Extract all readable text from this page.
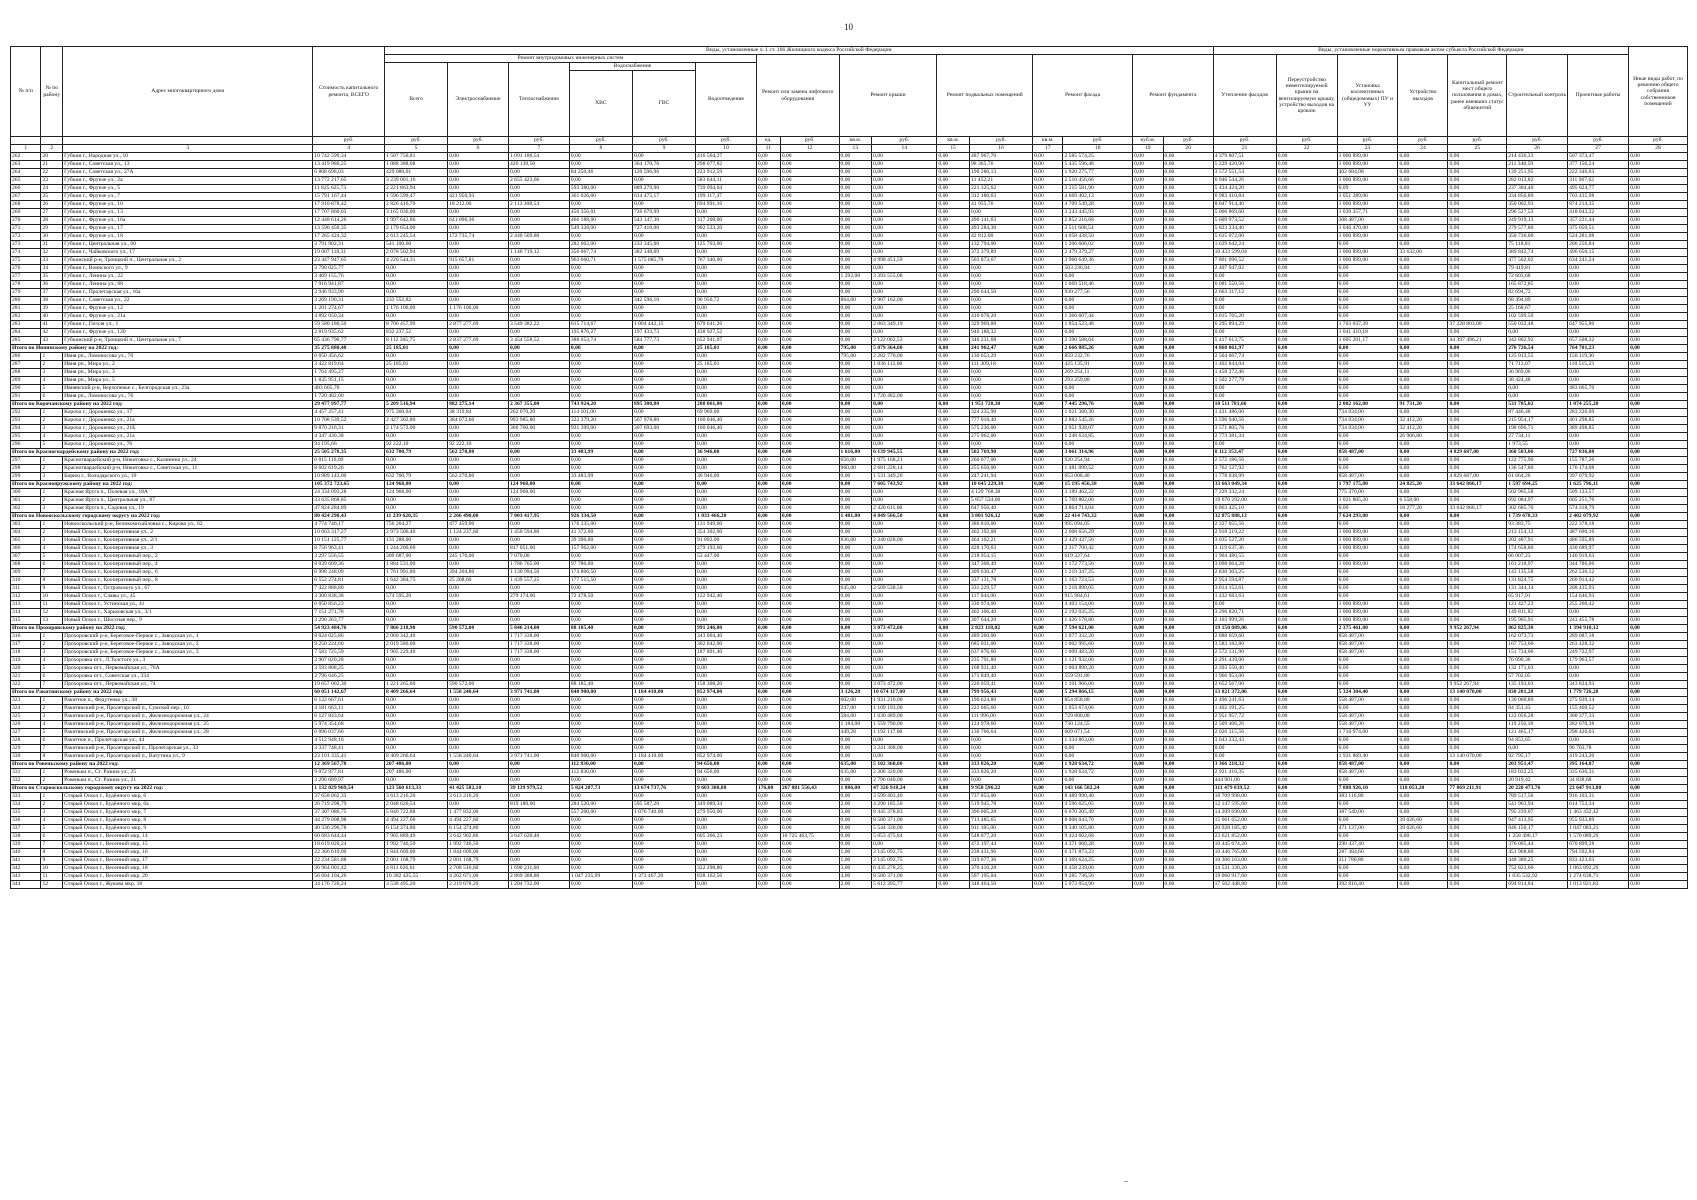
10
№ п/п	№ по району	Адрес многоквартирного дома	Стоимость капитального ремонта, ВСЕГО	Виды, установленные ч. 1 ст. 166 Жилищного кодекса Российской Федерации																Виды, установленные нормативным правовым актом субъекта Российской Федерации							Иные виды работ, по решению общего собрания собственников помещений
				Ремонт внутридомовых инженерных систем						Ремонт или замена лифтового оборудования		Ремонт крыши		Ремонт подвальных помещений		Ремонт фасада		Ремонт фундамента		Утепление фасадов	Переустройство невентилируемой крыши на вентилируемую крышу, устройство выходов на кровлю	Установка коллективных (общедомовых) ПУ и УУ	Устройство выходов	Капитальный ремонт мест общего пользования в домах, ранее имевших статус общежитий	Строительный контроль	Проектные работы	
				Всего	Электроснабжение	Теплоснабжение	Водоснабжение		Водоотведение																		
							ХВС	ГВС																			
			руб.	руб.	руб.	руб.	руб.	руб.	руб.	ед.	руб.	кв.м.	руб.	кв.м.	руб.	кв.м.	руб.	куб.м.	руб.	руб.	руб.	руб.	руб.	руб.	руб.	руб.	руб.
1	2	3	4	5	6	7	8	9	10	11	12	13	14	15	16	17	18	19	20	21	22	23	24	25	26	27	28
262	20	Губкин г., Народная ул., 10	10 742 599,34	1 507 750,81	0,00	1 091 186,54	0,00	0,00	416 564,27	0,00	0,00	0,00	0,00	0,00	487 967,70	0,00	2 585 574,25	0,00	0,00	4 379 807,51	0,00	1 060 899,00	0,00	0,00	214 436,33	507 373,47	0,00
263	21	Губкин г., Советская ул., 13	13 419 986,25	1 088 388,08	0,00	426 139,50	0,00	364 170,76	298 077,82	0,00	0,00	0,00	0,00	0,00	98 365,76	0,00	5 435 596,48	0,00	0,00	5 229 420,00	0,00	1 060 899,00	0,00	0,00	211 348,59	377 156,24	0,00
264	22	Губкин г., Советская ул., 27А	6 868 698,03	429 080,01	0,00	0,00	84 250,46	120 596,96	223 912,59	0,00	0,00	0,00	0,00	0,00	190 280,13	0,00	1 920 275,77	0,00	0,00	3 572 551,54	0,00	402 684,08	0,00	0,00	139 251,95	222 346,63	0,00
265	23	Губкин г., Фрунзе ул., 2а	13 772 217,65	3 239 001,16	0,00	2 655 423,66	0,00	0,00	583 644,11	0,00	0,00	0,00	0,00	0,00	11 452,21	0,00	2 510 456,66	0,00	0,00	6 946 544,26	0,00	1 060 899,00	0,00	0,00	282 013,82	311 967,62	0,00
266	24	Губкин г., Фрунзе ул., 5	11 825 625,73	2 221 863,94	0,00	0,00	593 380,00	889 279,90	739 094,04	0,00	0,00	0,00	0,00	0,00	221 325,62	0,00	3 215 581,90	0,00	0,00	5 434 424,20	0,00	0,09	0,00	0,00	237 304,40	495 024,77	0,00
267	25	Губкин г., Фрунзе ул., 7	15 791 167,44	1 596 599,47	421 950,93	0,00	361 026,00	614 475,17	199 117,47	0,00	0,00	0,00	0,00	0,00	312 180,63	0,00	4 669 402,13	0,00	0,00	6 983 410,84	0,00	1 051 289,06	0,00	0,00	334 856,89	703 435,98	0,00
268	26	Губкин г., Фрунзе ул., 10	17 910 878,42	2 826 416,70	18 212,00	2 113 308,54	0,00	0,00	694 991,16	0,00	0,00	0,00	0,00	0,00	41 955,76	0,00	4 709 549,28	0,00	0,00	8 047 914,40	0,00	1 060 899,00	0,00	0,00	350 002,93	874 214,35	0,00
269	27	Губкин г., Фрунзе ул., 13	17 707 860,03	3 165 036,00	0,00	0,00	456 356,01	726 679,99	0,00	0,00	0,00	0,00	0,00	0,00	0,00	0,00	3 243 445,93	0,00	0,00	5 006 869,60	0,00	1 039 357,71	0,00	0,00	296 527,53	418 043,22	0,00
270	28	Губкин г., Фрунзе ул., 16а	12 448 614,26	1 997 642,86	641 096,36	0,00	466 188,00	543 147,30	317 208,00	0,00	0,00	0,00	0,00	0,00	490 141,63	0,00	2 852 216,68	0,00	0,00	5 609 973,52	0,00	308 487,00	0,00	0,00	249 919,13	357 231,44	0,00
271	29	Губкин г., Фрунзе ул., 17	13 590 450,35	2 179 654,00	0,00	0,00	549 328,00	727 410,00	902 533,20	0,00	0,00	0,00	0,00	0,00	493 284,30	0,00	3 511 608,54	0,00	0,00	5 823 234,40	0,00	1 046 470,00	0,00	0,00	279 577,80	375 050,51	0,00
272	30	Губкин г., Фрунзе ул., 18	17 265 424,32	2 613 245,54	172 735,74	2 440 509,80	0,00	0,00	0,00	0,00	0,00	0,00	0,00	0,00	42 812,00	0,00	4 058 438,50	0,00	0,00	5 615 072,00	0,00	1 060 899,00	0,00	0,00	350 736,00	524 281,08	0,00
273	31	Губкин г., Центральная ул., 60	3 791 902,31	541 100,60	0,00	0,00	282 602,00	233 345,00	125 703,00	0,00	0,00	0,00	0,00	0,00	132 794,00	0,00	1 206 606,02	0,00	0,00	1 629 642,24	0,00	0,00	0,00	0,00	75 118,01	206 256,84	0,00
274	32	Губкин г., Чайковского ул., 17	19 007 118,31	2 078 502,94	0,00	1 140 719,12	356 067,74	382 148,09	0,00	0,00	0,00	0,00	0,00	0,00	372 379,89	0,00	2 479 379,27	0,00	0,00	10 433 599,04	0,00	1 060 899,00	33 632,00	0,00	389 842,74	496 650,15	0,00
275	33	Губкинский р-н, Троицкий п., Центральная ул., 2	23 447 947,65	4 220 544,31	915 657,81	0,00	963 660,71	1 575 085,79	767 340,00	0,00	0,00	0,00	4 998 451,59	0,00	503 873,67	0,00	3 960 649,36	0,00	0,00	7 801 096,52	0,00	1 060 899,00	0,00	0,00	477 502,02	634 241,24	0,00
276	34	Губкин г., Воинского ул., 9	3 790 025,77	0,00	0,00	0,00	0,00	0,00	0,00	0,00	0,00	0,00	0,00	0,00	0,00	0,00	503 236,94	0,00	0,00	2 407 947,02	0,00	0,00	0,00	0,00	79 419,81	0,00	0,00
277	35	Губкин г., Ленина ул., 22	3 469 155,76	0,00	0,00	0,00	0,00	0,00	0,00	0,00	0,00	1 292,00	3 393 555,08	0,00	0,00	0,00	0,00	0,00	0,00	0,00	0,00	0,00	0,00	0,00	72 603,68	0,00	0,00
278	36	Губкин г., Ленина ул., 68	7 916 941,87	0,00	0,00	0,00	0,00	0,00	0,00	0,00	0,00	0,00	0,00	0,00	0,00	0,00	1 669 518,46	0,00	0,00	6 081 550,56	0,00	0,00	0,00	0,00	165 872,85	0,00	0,00
279	37	Губкин г., Пролетарская ул., 16а	3 946 933,90	0,00	0,00	0,00	0,00	0,00	0,00	0,00	0,00	0,00	0,00	0,00	290 644,50	0,00	930 277,56	0,00	0,00	2 663 317,12	0,00	0,00	0,00	0,00	82 694,72	0,00	0,00
280	38	Губкин г., Советская ул., 22	3 269 190,31	233 552,82	0,00	0,00	0,00	342 596,10	90 956,72	0,00	0,00	864,00	2 907 162,00	0,00	0,00	0,00	0,00	0,00	0,00	0,00	0,00	0,00	0,00	0,00	68 494,89	0,00	0,00
281	39	Губкин г., Фрунзе ул., 12	1 201 274,67	1 176 106,00	1 176 106,00	0,00	0,00	0,00	0,00	0,00	0,00	0,00	0,00	0,00	0,00	0,00	0,00	0,00	0,00	0,00	0,00	0,00	0,00	0,00	25 168,67	0,00	0,00
282	40	Губкин г., Фрунзе ул., 21а	4 892 050,34	0,00	0,00	0,00	0,00	0,00	0,00	0,00	0,00	0,00	0,00	0,00	410 078,20	0,00	1 366 607,44	0,00	0,00	3 015 765,20	0,00	0,00	0,00	0,00	102 599,50	0,00	0,00
283	41	Губкин г., Гоголя ул., 1	59 580 180,50	8 706 457,99	2 877 277,69	3 549 382,22	615 714,67	1 004 442,15	679 641,26	0,00	0,00	0,00	2 063 349,19	0,00	329 969,88	0,00	1 854 523,48	0,00	0,00	6 295 894,29	0,00	1 703 037,39	0,00	37 228 803,00	550 032,48	647 955,80	0,00
284	42	Губкин г., Фрунзе ул., 120	2 819 935,62	832 237,52	0,00	0,00	195 876,27	197 433,73	438 927,52	0,00	0,00	0,00	0,00	0,00	946 188,32	0,00	0,00	0,00	0,00	0,00	0,00	1 041 410,18	0,00	0,00	0,00	0,00	0,00
285	43	Губкинский р-н, Троицкий п., Центральная ул., 7	65 436 790,77	8 112 305,75	2 837 277,69	3 454 558,52	388 053,74	584 777,73	652 941,07	0,00	0,00	0,00	2 122 062,53	0,00	340 231,68	0,00	2 390 588,64	0,00	0,00	5 417 613,75	0,00	1 605 201,17	0,00	44 397 496,21	342 802,92	657 508,32	0,00
Итого по Ивнянскому району на 2022 год:			35 275 880,48	25 185,01	0,00	0,00	0,00	0,00	25 185,01	0,00	0,00	795,00	5 079 364,00	0,00	241 962,47	0,00	2 666 885,26	0,00	0,00	4 868 061,97	0,00	0,00	0,00	0,00	276 726,54	764 701,23	0,00
286	1	Ивня рп., Ломоносова ул., 70	6 050 456,62	0,00	0,00	0,00	0,00	0,00	0,00	0,00	0,00	795,00	2 282 770,00	0,00	130 653,29	0,00	859 232,76	0,00	0,00	2 504 667,74	0,00	0,00	0,00	0,00	125 013,55	150 119,30	0,00
287	2	Ивня рп., Мира ул., 2	3 422 819,64	25 185,01	0,00	0,00	0,00	0,00	25 185,01	0,00	0,00	0,00	1 036 112,00	0,00	111 309,18	0,00	425 135,91	0,00	0,00	1 402 844,04	0,00	0,00	0,00	0,00	71 713,07	110 515,23	0,00
288	3	Ивня рп., Мира ул., 3	1 764 495,27	0,00	0,00	0,00	0,00	0,00	0,00	0,00	0,00	0,00	0,00	0,00	0,00	0,00	269 254,11	0,00	0,00	1 458 272,46	0,00	0,00	0,00	0,00	36 969,06	0,00	0,00
289	4	Ивня рп., Мира ул., 5	1 835 951,15	0,00	0,00	0,00	0,00	0,00	0,00	0,00	0,00	0,00	0,00	0,00	0,00	0,00	293 259,88	0,00	0,00	1 502 277,79	0,00	0,00	0,00	0,00	38 424,48	0,00	0,00
290	5	Ивнянский р-н, Верхопенье с., Белгородская ул., 23а	483 665,70	0,00	0,00	0,00	0,00	0,00	0,00	0,00	0,00	0,00	0,00	0,00	0,00	0,00	0,00	0,00	0,00	0,00	0,00	0,00	0,00	0,00	0,00	483 665,70	0,00
291	6	Ивня рп., Ломоносова ул., 76	1 720 482,00	0,00	0,00	0,00	0,00	0,00	0,00	0,00	0,00	0,00	1 720 482,00	0,00	0,00	0,00	0,00	0,00	0,00	0,00	0,00	0,00	0,00	0,00	0,00	0,00	0,00
Итого по Корочанскому району на 2022 год:			29 477 997,77	5 209 516,94	882 275,14	2 367 355,00	743 924,20	895 300,80	280 061,80	0,00	0,00	0,00	0,00	0,00	1 951 728,30	0,00	7 445 296,76	0,00	0,00	10 511 781,66	0,00	2 002 162,00	91 731,20	0,00	531 785,02	1 074 255,20	0,00
292	1	Короча г., Дорошенко ул., 17	4 457 257,41	975 360,04	38 319,84	262 070,20	114 101,00	0,00	69 969,00	0,00	0,00	0,00	0,00	0,00	324 235,90	0,00	1 021 380,30	0,00	0,00	1 431 486,00	0,00	734 034,00	0,00	0,00	87 446,48	283 226,69	0,00
293	2	Короча г., Дорошенко ул., 21а	10 708 539,52	2 427 362,80	384 072,60	993 985,80	322 379,20	567 978,80	160 046,40	0,00	0,00	0,00	0,00	0,00	777 018,40	0,00	2 883 545,26	0,00	0,00	3 596 940,56	0,00	734 034,00	32 412,20	0,00	215 954,17	401 298,85	0,00
294	3	Короча г., Дорошенко ул., 21Б	9 870 216,31	2 174 572,00	0,00	366 760,00	931 399,00	307 693,00	160 046,40	0,00	0,00	0,00	0,00	0,00	575 236,00	0,00	2 951 938,07	0,00	0,00	3 571 805,78	0,00	734 034,00	32 412,20	0,00	198 696,71	389 498,85	0,00
295	4	Короча г., Дорошенко ул., 21а	4 347 430,38	0,00	0,00	0,00	0,00	0,00	0,00	0,00	0,00	0,00	0,00	0,00	275 062,00	0,00	1 248 634,85	0,00	0,00	2 773 381,34	0,00	0,00	26 906,80	0,00	27 734,11	0,00	0,00
296	5	Короча г., Дорошенко ул., 76	94 195,66	92 222,10	92 222,10	0,00	0,00	0,00	0,00	0,00	0,00	0,00	0,00	0,00	0,00	0,00	0,00	0,00	0,00	0,00	0,00	0,00	0,00	0,00	1 973,55	0,00	0,00
Итого по Красногвардейскому району на 2022 год:			25 505 278,35	632 700,79	562 270,80	0,00	33 483,99	0,00	36 946,00	0,00	0,00	1 616,00	6 139 945,55	0,00	502 769,90	0,00	3 061 314,96	0,00	0,00	8 112 353,47	0,00	858 487,00	0,00	4 829 687,00	360 503,06	727 836,08	0,00
297	1	Красногвардейский р-н, Никитовка с., Калинина ул., 24	6 015 116,09	0,00	0,00	0,00	0,00	0,00	0,00	0,00	0,00	656,00	1 975 168,21	0,00	260 077,00	0,00	920 254,94	0,00	0,00	2 572 186,56	0,00	0,00	0,00	0,00	122 775,90	155 787,26	0,00
298	2	Красногвардейский р-н, Никитовка с., Советская ул., 11	8 602 619,26	0,00	0,00	0,00	0,00	0,00	0,00	0,00	0,00	960,00	2 681 228,14	0,00	255 650,00	0,00	1 481 090,52	0,00	0,00	3 762 127,92	0,00	0,00	0,00	0,00	136 547,80	176 174,08	0,00
299	3	Бирюч г., Володарского ул., 10	10 989 143,00	632 700,79	562 270,80	0,00	33 483,99	0,00	36 946,00	0,00	0,00	0,00	1 531 349,20	0,00	247 241,94	0,00	653 008,40	0,00	0,00	1 778 038,99	0,00	858 487,00	0,00	4 829 687,00	61 664,26	397 079,92	0,00
Итого по Краснояружскому району на 2022 год:			105 372 723,65	124 968,00	0,00	124 968,00	0,00	0,00	0,00	0,00	0,00	0,00	7 605 743,92	0,00	10 645 229,38	0,00	15 195 456,38	0,00	0,00	33 663 049,34	0,00	1 797 175,80	24 825,20	33 642 866,17	1 597 694,25	1 625 796,11	0,00
300	1	Красная Яруга п., Полевая ул., 18А	24 334 093,28	124 968,00	0,00	124 968,00	0,00	0,00	0,00	0,00	0,00	0,00	0,00	0,00	4 129 768,38	0,00	3 189 462,22	0,00	0,00	7 229 332,24	0,00	775 370,00	0,00	0,00	502 965,58	509 133,57	0,00
301	2	Красная Яруга п., Центральная ул., 87	33 635 868,85	0,00	0,00	0,00	0,00	0,00	0,00	0,00	0,00	0,00	0,00	0,00	5 857 534,00	0,00	5 769 802,00	0,00	0,00	19 670 292,00	0,00	1 021 805,20	6 558,00	0,00	692 084,97	605 251,76	0,00
302	3	Красная Яруга п., Садовая ул., 19	47 824 284,89	0,00	0,00	0,00	0,00	0,00	0,00	0,00	0,00	0,00	2 420 611,00	0,00	647 956,40	0,00	3 864 714,04	0,00	0,00	6 863 425,10	0,00	0,00	18 277,20	33 642 866,17	302 685,70	574 318,79	0,00
Итого по Новооскольскому городскому округу на 2022 год:			80 424 290,43	11 239 620,35	2 266 490,00	7 003 417,95	926 334,50	0,00	1 033 466,20	0,00	0,00	1 481,00	4 849 566,50	0,00	3 801 926,12	0,00	22 414 743,32	0,00	0,00	32 875 888,13	0,00	7 624 293,00	0,00	0,00	1 739 678,33	2 402 079,92	0,00
303	1	Новооскольский р-н, Великомихайловка с., Кирова ул., 62	4 774 746,17	756 264,27	477 459,00	0,00	176 335,00	0,00	131 949,60	0,00	0,00	0,00	0,00	0,00	380 810,00	0,00	995 094,05	0,00	0,00	2 327 055,56	0,00	0,00	0,00	0,00	93 383,75	222 378,18	0,00
304	2	Новый Оскол г., Кооперативная ул., 2	10 663 317,27	2 973 506,40	1 124 237,60	1 450 594,80	41 372,00	0,00	354 302,00	0,00	0,00	0,00	0,00	0,00	402 192,08	0,00	2 608 656,29	0,00	0,00	2 918 219,22	0,00	1 060 899,00	0,00	0,00	213 154,12	487 690,16	0,00
305	3	Новый Оскол г., Кооперативная ул., 2/1	10 151 125,77	131 288,00	0,00	0,00	39 396,00	0,00	91 892,00	0,00	0,00	836,00	2 340 028,00	0,00	464 102,21	0,00	2 429 437,56	0,00	0,00	3 035 527,20	0,00	1 060 899,00	0,00	0,00	202 487,91	486 595,89	0,00
306	4	Новый Оскол г., Кооперативная ул., 3	8 756 963,41	1 244 206,60	0,00	817 051,00	157 962,00	0,00	279 193,60	0,00	0,00	0,00	0,00	0,00	428 170,63	0,00	2 317 700,42	0,00	0,00	3 119 637,36	0,00	1 060 899,00	0,00	0,00	174 658,80	430 689,97	0,00
307	5	Новый Оскол г., Кооперативный пер., 2	3 297 556,55	309 687,00	245 170,00	7 070,00	0,00	0,00	53 447,00	0,00	0,00	0,00	0,00	0,00	218 954,15	0,00	619 327,64	0,00	0,00	1 904 480,55	0,00	0,00	0,00	0,00	66 007,23	146 919,63	0,00
308	6	Новый Оскол г., Кооперативный пер., 4	8 039 609,36	1 884 531,00	0,00	1 786 765,00	97 786,00	0,00	0,00	0,00	0,00	0,00	0,00	0,00	347 308,49	0,00	1 172 773,56	0,00	0,00	3 098 064,28	0,00	1 060 899,00	0,00	0,00	161 218,97	344 786,06	0,00
309	7	Новый Оскол г., Кооперативный пер., 6	6 998 248,09	1 761 991,80	394 204,80	1 130 994,50	174 806,50	0,00	0,00	0,00	0,00	0,00	0,00	0,00	309 630,47	0,00	1 219 347,25	0,00	0,00	2 830 303,25	0,00	0,00	0,00	0,00	143 135,58	262 536,12	0,00
310	8	Новый Оскол г., Кооперативный пер., 8	6 552 274,81	1 642 384,75	25 208,60	1 439 557,25	177 515,50	0,00	0,00	0,00	0,00	0,00	0,00	0,00	337 131,78	0,00	1 163 723,53	0,00	0,00	2 954 594,87	0,00	0,00	0,00	0,00	131 824,75	260 914,42	0,00
311	9	Новый Оскол г., Островского ул., 67	7 422 888,80	0,00	0,00	0,00	0,00	0,00	0,00	0,00	0,00	645,00	2 509 538,50	0,00	331 229,57	0,00	1 218 890,05	0,00	0,00	3 014 152,61	0,00	0,00	0,00	0,00	131 344,14	208 435,93	0,00
312	10	Новый Оскол г., Славы ул., 45	3 300 838,38	574 595,20	0,00	279 174,00	72 478,50	0,00	122 942,40	0,00	0,00	0,00	0,00	0,00	117 044,00	0,00	915 984,61	0,00	0,00	1 432 683,63	0,00	0,00	0,00	0,00	65 917,91	154 646,93	0,00
313	11	Новый Оскол г., Устинская ул., 41	6 050 856,23	0,00	0,00	0,00	0,00	0,00	0,00	0,00	0,00	0,00	0,00	0,00	330 974,00	0,00	4 403 154,00	0,00	0,00	0,00	0,00	1 060 899,00	0,00	0,00	121 427,23	255 260,42	0,00
314	12	Новый Оскол г., Харьковская ул., 3/1	7 151 271,78	0,00	0,00	0,00	0,00	0,00	0,00	0,00	0,00	0,00	0,00	0,00	402 106,40	0,00	2 192 035,25	0,00	0,00	3 296 820,71	0,00	1 060 899,00	0,00	0,00	149 811,82	0,00	0,00
315	13	Новый Оскол г., Шоссная пер., 9	3 290 263,77	0,00	0,00	0,00	0,00	0,00	0,00	0,00	0,00	0,00	0,00	0,00	307 644,20	0,00	1 426 178,80	0,00	0,00	2 103 999,26	0,00	1 060 899,00	0,00	0,00	195 905,91	243 455,78	0,00
Итого по Прохоровскому району на 2022 год:			54 923 484,76	7 866 218,90	590 572,00	5 846 214,00	88 185,40	0,00	991 246,00	0,00	0,00	0,00	3 073 472,00	0,00	2 823 118,02	0,00	7 594 621,00	0,00	0,00	19 150 089,06	0,00	2 375 461,00	0,00	9 952 267,94	862 825,30	1 394 910,12	0,00
316	1	Прохоровский р-н, Береговое-Первое с., Заводская ул., 1	8 024 025,86	2 060 342,40	0,00	1 717 338,00	0,00	0,00	343 004,40	0,00	0,00	0,00	0,00	0,00	489 260,00	0,00	1 077 332,20	0,00	0,00	2 888 659,60	0,00	858 487,00	0,00	0,00	162 073,73	289 087,18	0,00
317	2	Прохоровский р-н, Береговое-Первое с., Заводская ул., 2	9 250 224,60	2 019 580,00	0,00	1 717 338,00	0,00	0,00	302 042,00	0,00	0,00	0,00	0,00	0,00	685 031,00	0,00	1 002 995,60	0,00	0,00	3 583 182,80	0,00	858 487,00	0,00	0,00	167 753,60	263 428,32	0,00
318	3	Прохоровский р-н, Береговое-Первое с., Заводская ул., 3	7 583 725,59	1 905 229,40	0,00	1 717 338,00	0,00	0,00	187 891,40	0,00	0,00	0,00	0,00	0,00	637 876,60	0,00	1 009 483,20	0,00	0,00	2 572 131,90	0,00	858 487,00	0,00	0,00	151 734,06	249 722,97	0,00
319	4	Прохоровка пгт., Л.Толстого ул., 3	3 907 020,28	0,00	0,00	0,00	0,00	0,00	0,00	0,00	0,00	0,00	0,00	0,00	235 791,80	0,00	1 121 932,00	0,00	0,00	2 291 439,00	0,00	0,00	0,00	0,00	76 090,36	179 963,57	0,00
320	5	Прохоровка пгт., Первомайская ул., 76А	3 593 808,25	0,00	0,00	0,00	0,00	0,00	0,00	0,00	0,00	0,00	0,00	0,00	168 931,40	0,00	1 004 890,20	0,00	0,00	2 393 550,40	0,00	0,00	0,00	0,00	132 171,03	0,00	0,00
321	6	Прохоровка пгт., Советская ул., 334	2 796 646,25	0,00	0,00	0,00	0,00	0,00	0,00	0,00	0,00	0,00	0,00	0,00	171 849,40	0,00	559 591,80	0,00	0,00	1 966 953,00	0,00	0,00	0,00	0,00	57 702,05	0,00	0,00
322	7	Прохоровка пгт., Первомайская ул., 74	19 657 002,30	1 221 265,60	590 572,00	0,00	88 185,40	0,00	158 308,20	0,00	0,00	0,00	3 073 472,00	0,00	226 059,41	0,00	1 101 966,00	0,00	0,00	2 652 567,00	0,00	0,00	0,00	9 952 267,94	135 193,03	343 824,93	0,00
Итого по Ракитянскому району на 2022 год:			60 051 142,67	8 409 266,64	1 558 240,64	3 971 741,00	840 900,00	1 184 410,00	852 974,00	0,00	0,00	3 126,28	10 674 117,00	0,00	799 956,43	0,00	5 294 866,15	0,00	0,00	13 821 372,06	0,00	5 324 304,40	0,00	13 140 070,00	830 281,28	1 779 726,28	0,00
323	1	Ракитное п., Федутенко ул., 38	6 122 667,61	0,00	0,00	0,00	0,00	0,00	0,00	0,00	0,00	602,00	1 931 210,00	0,00	190 624,80	0,00	854 858,88	0,00	0,00	2 496 241,63	0,00	558 487,00	0,00	0,00	130 060,89	275 939,14	0,00
324	2	Ракитянский р-н, Пролетарский п., Сумской пер., 16	4 181 663,11	0,00	0,00	0,00	0,00	0,00	0,00	0,00	0,00	247,00	1 109 193,00	0,00	222 665,60	0,00	1 053 674,06	0,00	0,00	1 402 191,25	0,00	0,00	0,00	0,00	84 351,43	155 460,52	0,00
325	3	Ракитянский р-н, Пролетарский п., Железнодорожная ул., 24	6 127 843,64	0,00	0,00	0,00	0,00	0,00	0,00	0,00	0,00	584,00	1 630 489,00	0,00	111 996,00	0,00	729 800,08	0,00	0,00	2 951 957,72	0,00	558 487,00	0,00	0,00	122 056,28	300 377,33	0,00
326	4	Ракитянский р-н, Пролетарский п., Железнодорожная ул., 25	5 974 354,68	0,00	0,00	0,00	0,00	0,00	0,00	0,00	0,00	1 184,00	1 559 790,00	0,00	124 978,60	0,00	730 124,55	0,00	0,00	2 509 406,26	0,00	558 487,00	0,00	0,00	119 256,18	282 670,38	0,00
327	5	Ракитянский р-н, Пролетарский п., Железнодорожная ул., 28	6 096 037,66	0,00	0,00	0,00	0,00	0,00	0,00	0,00	0,00	449,28	1 192 117,00	0,00	130 766,64	0,00	609 071,54	0,00	0,00	2 026 315,56	0,00	1 716 974,00	0,00	0,00	121 465,17	298 420,03	0,00
328	6	Ракитное п., Пролетарская ул., 44	4 512 948,16	0,00	0,00	0,00	0,00	0,00	0,00	0,00	0,00	0,00	0,00	0,00	0,00	0,00	1 334 863,00	0,00	0,00	3 043 232,43	0,00	0,00	0,00	0,00	94 853,65	0,00	0,00
329	7	Ракитянский р-н, Пролетарский п., Пролетарская ул., 33	3 337 748,41	0,00	0,00	0,00	0,00	0,00	0,00	0,00	0,00	0,00	3 241 308,00	0,00	0,00	0,00	0,00	0,00	0,00	0,00	0,00	0,00	0,00	0,00	0,00	96 703,78	0,00
330	8	Ракитянский р-н, Пролетарский п., Ватутина ул., 9	23 101 335,41	8 409 266,64	1 558 240,64	3 971 741,00	840 900,00	1 184 410,00	852 974,00	0,00	0,00	0,00	0,00	0,00	0,00	0,00	0,00	0,00	0,00	0,00	0,00	1 931 869,40	0,00	13 140 070,00	92 795,17	419 243,20	0,00
Итого по Ровеньскому району на 2022 год:			12 369 567,78	207 486,00	0,00	0,00	112 830,00	0,00	94 656,00	0,00	0,00	635,00	5 102 360,00	0,00	333 826,20	0,00	1 928 634,72	0,00	0,00	3 366 218,32	0,00	858 487,00	0,00	0,00	203 951,47	395 164,07	0,00
331	1	Ровеньки п., Ст. Разина ул., 25	9 072 977,81	207 486,00	0,00	0,00	112 830,00	0,00	94 656,00	0,00	0,00	635,00	2 306 320,00	0,00	333 826,20	0,00	1 928 634,72	0,00	0,00	2 921 416,35	0,00	858 487,00	0,00	0,00	183 032,25	335 636,31	0,00
332	2	Ровеньки п., Ст. Разина ул., 21	3 296 689,97	0,00	0,00	0,00	0,00	0,00	0,00	0,00	0,00	0,00	2 796 040,00	0,00	0,00	0,00	0,00	0,00	0,00	444 901,00	0,00	0,00	0,00	0,00	20 919,42	34 838,68	0,00
Итого по Старооскольскому городскому округу на 2022 год:			1 132 029 969,54	123 560 613,33	41 425 582,10	39 139 979,52	5 824 207,73	13 674 737,76	9 603 308,88	176,00	267 081 556,43	1 886,00	47 326 918,24	0,00	9 958 596,22	0,00	143 166 582,24	0,00	0,00	311 479 839,52	0,00	7 888 926,10	118 053,20	77 869 211,91	20 220 473,76	23 647 913,80	0,00
333	1	Старый Оскол г., Будённого мкр, 6	37 658 062,33	3 613 216,20	3 613 216,20	0,00	0,00	0,00	0,00	0,00	0,00	0,00	3 599 403,40	0,00	737 853,00	0,00	8 489 990,40	0,00	0,00	18 709 998,00	0,00	383 116,80	0,00	0,00	789 517,56	916 103,31	0,00
334	2	Старый Оскол г., Будённого мкр, 6а	26 719 298,79	2 048 626,54	0,00	819 180,00	284 520,00	595 587,20	349 089,34	0,00	0,00	2,00	4 290 185,50	0,00	519 945,78	0,00	4 596 625,05	0,00	0,00	12 147 595,60	0,00	0,00	0,00	0,00	541 903,94	614 752,34	0,00
335	3	Старый Оскол г., Будённого мкр, 7	37 307 086,75	5 840 722,88	1 477 832,00	0,00	557 200,00	1 076 740,00	279 950,00	0,00	0,00	3,00	8 445 378,83	0,00	396 005,28	0,00	6 670 205,49	0,00	0,00	14 209 690,00	0,00	387 540,00	0,00	0,00	795 239,07	1 463 432,42	0,00
336	4	Старый Оскол г., Будённого мкр, 8	44 279 008,98	4 494 227,60	4 494 227,60	0,00	0,00	0,00	0,00	0,00	0,00	0,00	8 580 371,00	0,00	713 485,65	0,00	8 008 043,70	0,00	0,00	15 661 652,00	0,00	0,00	39 026,60	0,00	947 413,95	955 933,89	0,00
337	5	Старый Оскол г., Будённого мкр, 9	40 336 296,78	6 154 374,80	6 154 374,80	0,00	0,00	0,00	0,00	0,00	0,00	0,00	5 544 330,00	0,00	911 185,00	0,00	9 340 105,80	0,00	0,00	20 928 185,40	0,00	471 137,00	39 026,60	0,00	846 150,17	1 047 083,21	0,00
338	6	Старый Оскол г., Весенний мкр, 14	60 683 644,44	7 905 889,49	3 642 902,86	3 647 620,40	0,00	0,00	605 366,23	0,00	10 725 463,75	0,00	5 053 475,84	0,00	548 077,20	0,00	9 424 602,68	0,00	0,00	23 621 852,00	0,00	0,00	0,00	0,00	1 258 496,17	1 570 089,29	0,00
339	7	Старый Оскол г., Весенний мкр, 15	18 619 020,24	1 992 746,50	1 992 746,50	0,00	0,00	0,00	0,00	0,00	0,00	0,00	0,00	0,00	472 197,44	0,00	4 371 060,28	0,00	0,00	10 445 674,20	0,00	290 437,40	0,00	0,00	376 005,44	670 899,28	0,00
340	8	Старый Оскол г., Весенний мкр, 16	22 366 610,00	1 844 609,00	1 844 609,00	0,00	0,00	0,00	0,00	0,00	0,00	1,00	2 145 092,75	0,00	238 431,96	0,00	6 371 873,23	0,00	0,00	10 446 765,00	0,00	287 384,60	0,00	0,00	451 968,80	794 592,84	0,00
341	9	Старый Оскол г., Весенний мкр, 17	22 234 581,88	2 001 168,79	2 001 168,79	0,00	0,00	0,00	0,00	0,00	0,00	1,00	2 145 092,75	0,00	319 077,36	0,00	4 369 624,25	0,00	0,00	10 306 163,00	0,00	311 780,80	0,00	0,00	448 380,25	833 423,03	0,00
342	10	Старый Оскол г., Весенний мкр, 18	36 964 001,42	4 811 026,61	2 708 516,60	1 690 211,60	0,00	0,00	322 298,80	0,00	0,00	3,00	6 435 278,25	0,00	370 410,28	0,00	6 458 239,00	0,00	0,00	14 531 330,20	0,00	0,00	0,00	0,00	752 823,60	1 063 892,29	0,00
343	11	Старый Оскол г., Весенний мкр, 20	56 604 104,26	10 382 425,55	4 262 671,00	2 869 388,80	1 047 235,99	1 373 467,20	838 162,56	0,00	0,00	4,00	8 580 371,00	0,00	597 195,04	0,00	9 285 736,56	0,00	0,00	19 060 917,60	0,00	0,00	0,00	0,00	1 035 532,92	1 274 638,71	0,00
344	12	Старый Оскол г., Жукова мкр, 18	34 176 726,24	3 538 495,20	2 319 678,20	1 204 732,00	0,00	0,00	0,00	0,00	0,00	2,00	5 612 395,77	0,00	348 464,50	0,00	5 073 054,90	0,00	0,00	17 502 448,80	0,00	392 816,40	0,00	0,00	694 814,84	1 013 921,83	0,00
–
